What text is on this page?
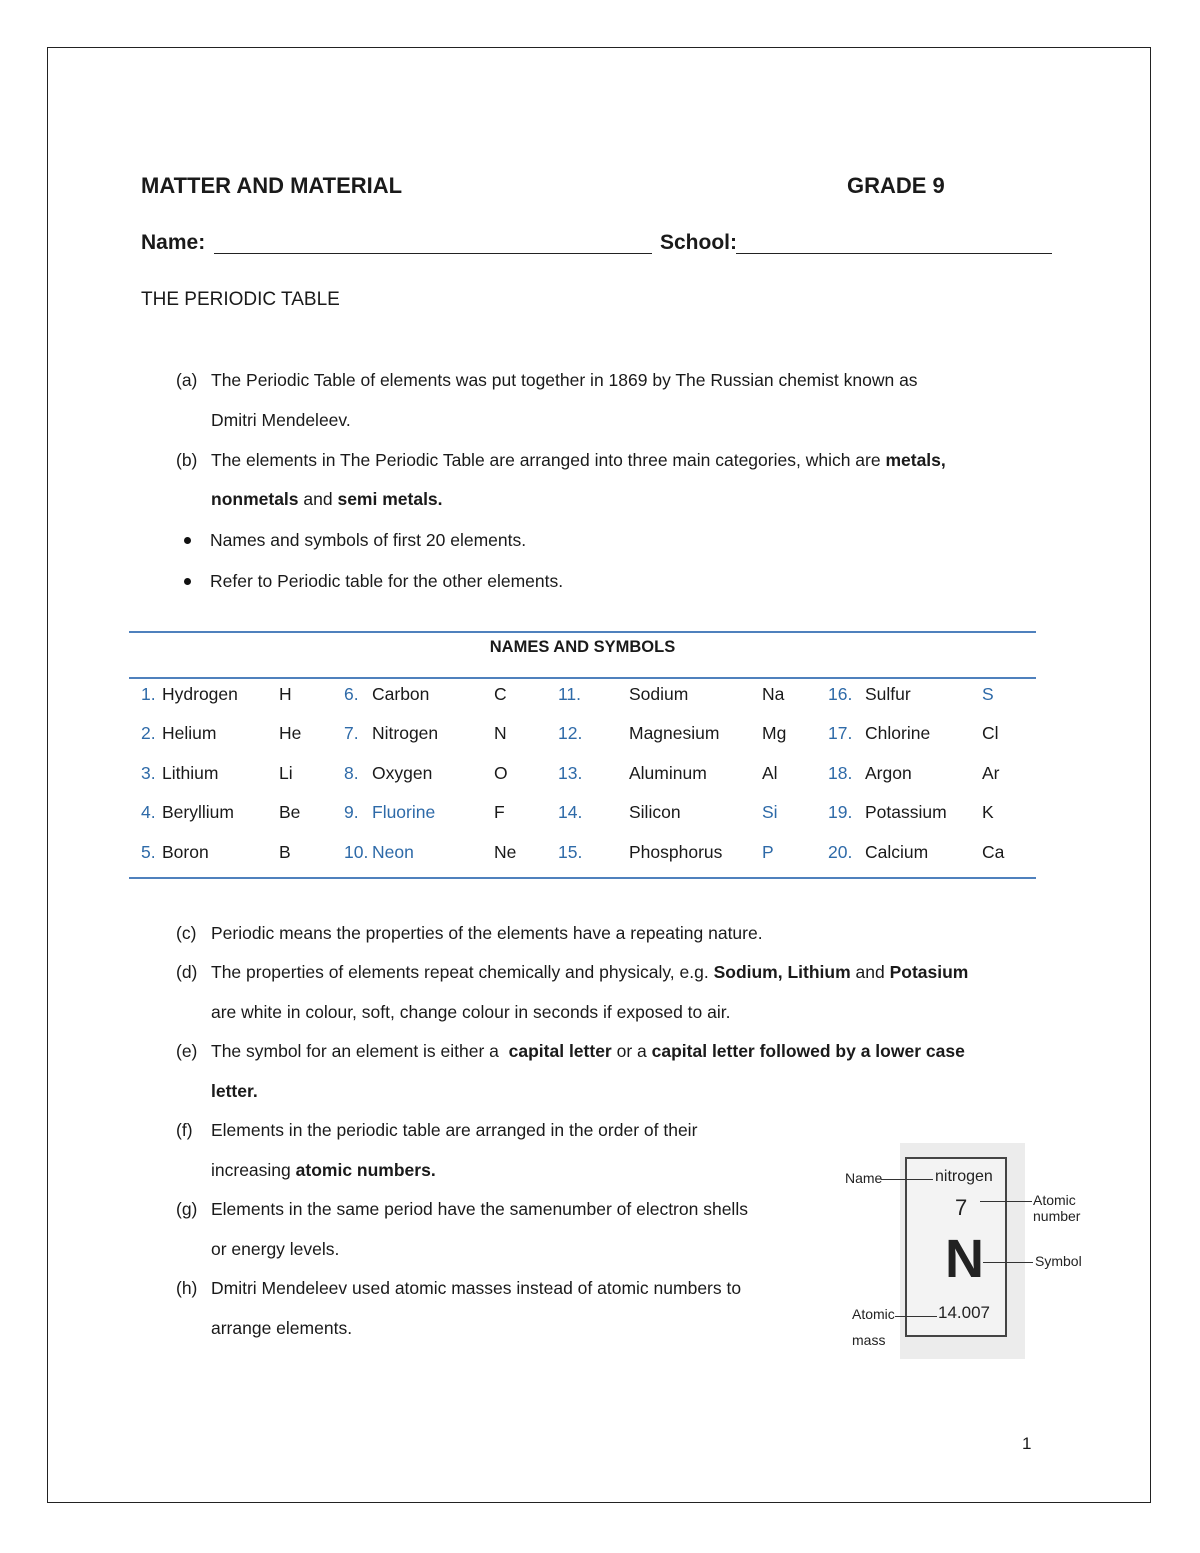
MATTER AND MATERIAL	GRADE 9
Name:	School:
THE PERIODIC TABLE
(a) The Periodic Table of elements was put together in 1869 by The Russian chemist known as
Dmitri Mendeleev.
(b) The elements in The Periodic Table are arranged into three main categories, which are metals,
nonmetals and semi metals.
Names and symbols of first 20 elements.
Refer to Periodic table for the other elements.
NAMES AND SYMBOLS
1. Hydrogen H	6. Carbon	C	11.	Sodium	Na 16. Sulfur	S
2. Helium	He 7. Nitrogen	N	12.	Magnesium Mg 17. Chlorine	Cl
3. Lithium	Li	8. Oxygen	O	13.	Aluminum	Al	18. Argon	Ar
4. Beryllium	Be 9. Fluorine	F	14.	Silicon	Si	19. Potassium K
5. Boron	B	10. Neon	Ne 15.	Phosphorus P	20. Calcium	Ca
(c) Periodic means the properties of the elements have a repeating nature.
(d) The properties of elements repeat chemically and physicaly, e.g. Sodium, Lithium and Potasium
are white in colour, soft, change colour in seconds if exposed to air.
(e) The symbol for an element is either a  capital letter or a capital letter followed by a lower case
letter.
(f) Elements in the periodic table are arranged in the order of their
increasing atomic numbers.
(g) Elements in the same period have the samenumber of electron shells
or energy levels.
(h) Dmitri Mendeleev used atomic masses instead of atomic numbers to
arrange elements.
nitrogen
7
N
14.007
Name
Atomic number
Symbol
Atomic
mass
1
